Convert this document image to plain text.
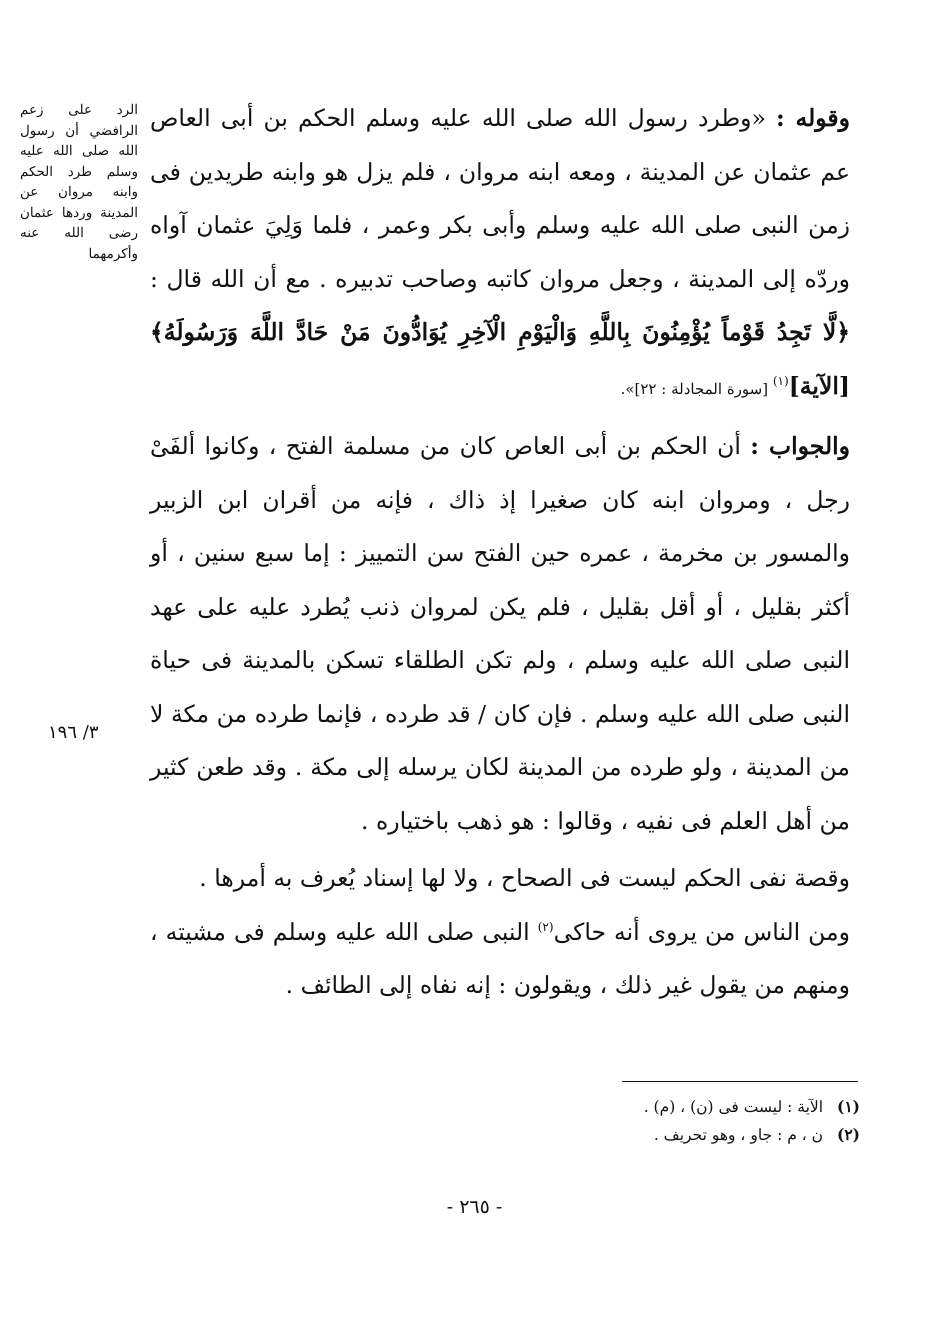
الرد على زعم الرافضي أن رسول الله صلى الله عليه وسلم طرد الحكم وابنه مروان عن المدينة وردها عثمان رضى الله عنه وأكرمهما
٣/ ١٩٦

وقوله : «وطرد رسول الله صلى الله عليه وسلم الحكم بن أبى العاص عم عثمان عن المدينة ، ومعه ابنه مروان ، فلم يزل هو وابنه طريدين فى زمن النبى صلى الله عليه وسلم وأبى بكر وعمر ، فلما وَلِيَ عثمان آواه وردّه إلى المدينة ، وجعل مروان كاتبه وصاحب تدبيره . مع أن الله قال : ﴿لَّا تَجِدُ قَوْماً يُؤْمِنُونَ بِاللَّهِ وَالْيَوْمِ الْآخِرِ يُوَادُّونَ مَنْ حَادَّ اللَّهَ وَرَسُولَهُ﴾ [الآية]$^{(١)}$ [سورة المجادلة : ٢٢]».

والجواب : أن الحكم بن أبى العاص كان من مسلمة الفتح ، وكانوا ألفَىْ رجل ، ومروان ابنه كان صغيرا إذ ذاك ، فإنه من أقران ابن الزبير والمسور بن مخرمة ، عمره حين الفتح سن التمييز : إما سبع سنين ، أو أكثر بقليل ، أو أقل بقليل ، فلم يكن لمروان ذنب يُطرد عليه على عهد النبى صلى الله عليه وسلم ، ولم تكن الطلقاء تسكن بالمدينة فى حياة النبى صلى الله عليه وسلم . فإن كان / قد طرده ، فإنما طرده من مكة لا من المدينة ، ولو طرده من المدينة لكان يرسله إلى مكة . وقد طعن كثير من أهل العلم فى نفيه ، وقالوا : هو ذهب باختياره .

وقصة نفى الحكم ليست فى الصحاح ، ولا لها إسناد يُعرف به أمرها .

ومن الناس من يروى أنه حاكى$^{(٢)}$ النبى صلى الله عليه وسلم فى مشيته ، ومنهم من يقول غير ذلك ، ويقولون : إنه نفاه إلى الطائف .

(١) الآية : ليست فى (ن) ، (م) .
(٢) ن ، م : جاو ، وهو تحريف .
- ٢٦٥ -
